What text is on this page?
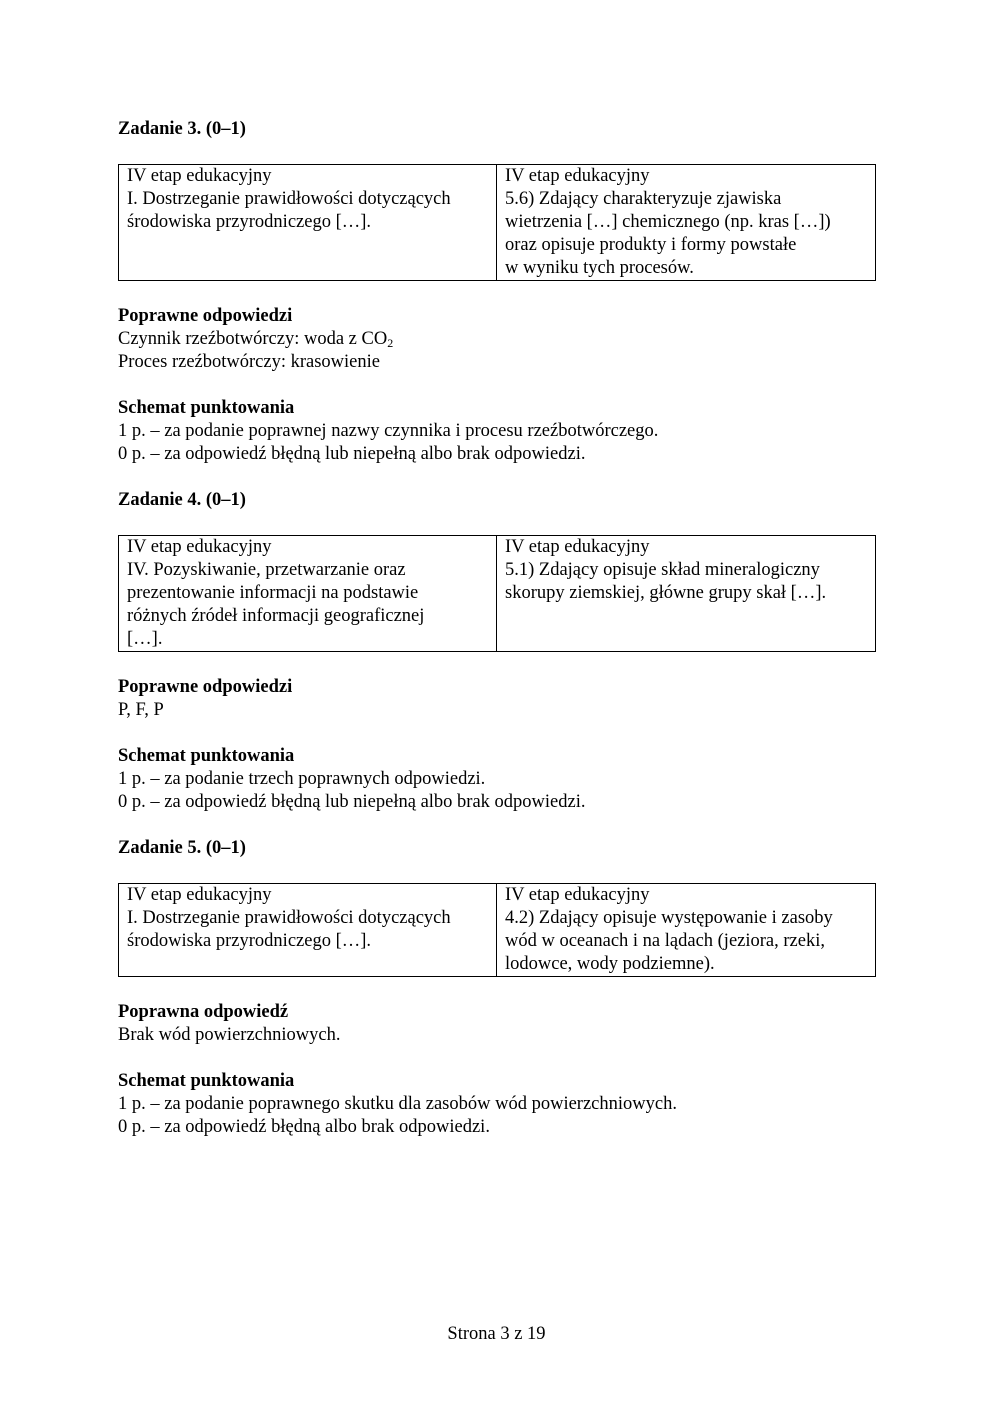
Zadanie 3. (0–1)
IV etap edukacyjny
I. Dostrzeganie prawidłowości dotyczących
środowiska przyrodniczego […].

IV etap edukacyjny
5.6) Zdający charakteryzuje zjawiska
wietrzenia […] chemicznego (np. kras […])
oraz opisuje produkty i formy powstałe
w wyniku tych procesów.
Poprawne odpowiedzi
Czynnik rzeźbotwórczy: woda z $CO_2$
Proces rzeźbotwórczy: krasowienie
Schemat punktowania
1 p. – za podanie poprawnej nazwy czynnika i procesu rzeźbotwórczego.
0 p. – za odpowiedź błędną lub niepełną albo brak odpowiedzi.
Zadanie 4. (0–1)
IV etap edukacyjny
IV. Pozyskiwanie, przetwarzanie oraz
prezentowanie informacji na podstawie
różnych źródeł informacji geograficznej
[…].

IV etap edukacyjny
5.1) Zdający opisuje skład mineralogiczny
skorupy ziemskiej, główne grupy skał […].
Poprawne odpowiedzi
P, F, P
Schemat punktowania
1 p. – za podanie trzech poprawnych odpowiedzi.
0 p. – za odpowiedź błędną lub niepełną albo brak odpowiedzi.
Zadanie 5. (0–1)
IV etap edukacyjny
I. Dostrzeganie prawidłowości dotyczących
środowiska przyrodniczego […].

IV etap edukacyjny
4.2) Zdający opisuje występowanie i zasoby
wód w oceanach i na lądach (jeziora, rzeki,
lodowce, wody podziemne).
Poprawna odpowiedź
Brak wód powierzchniowych.
Schemat punktowania
1 p. – za podanie poprawnego skutku dla zasobów wód powierzchniowych.
0 p. – za odpowiedź błędną albo brak odpowiedzi.
Strona 3 z 19
